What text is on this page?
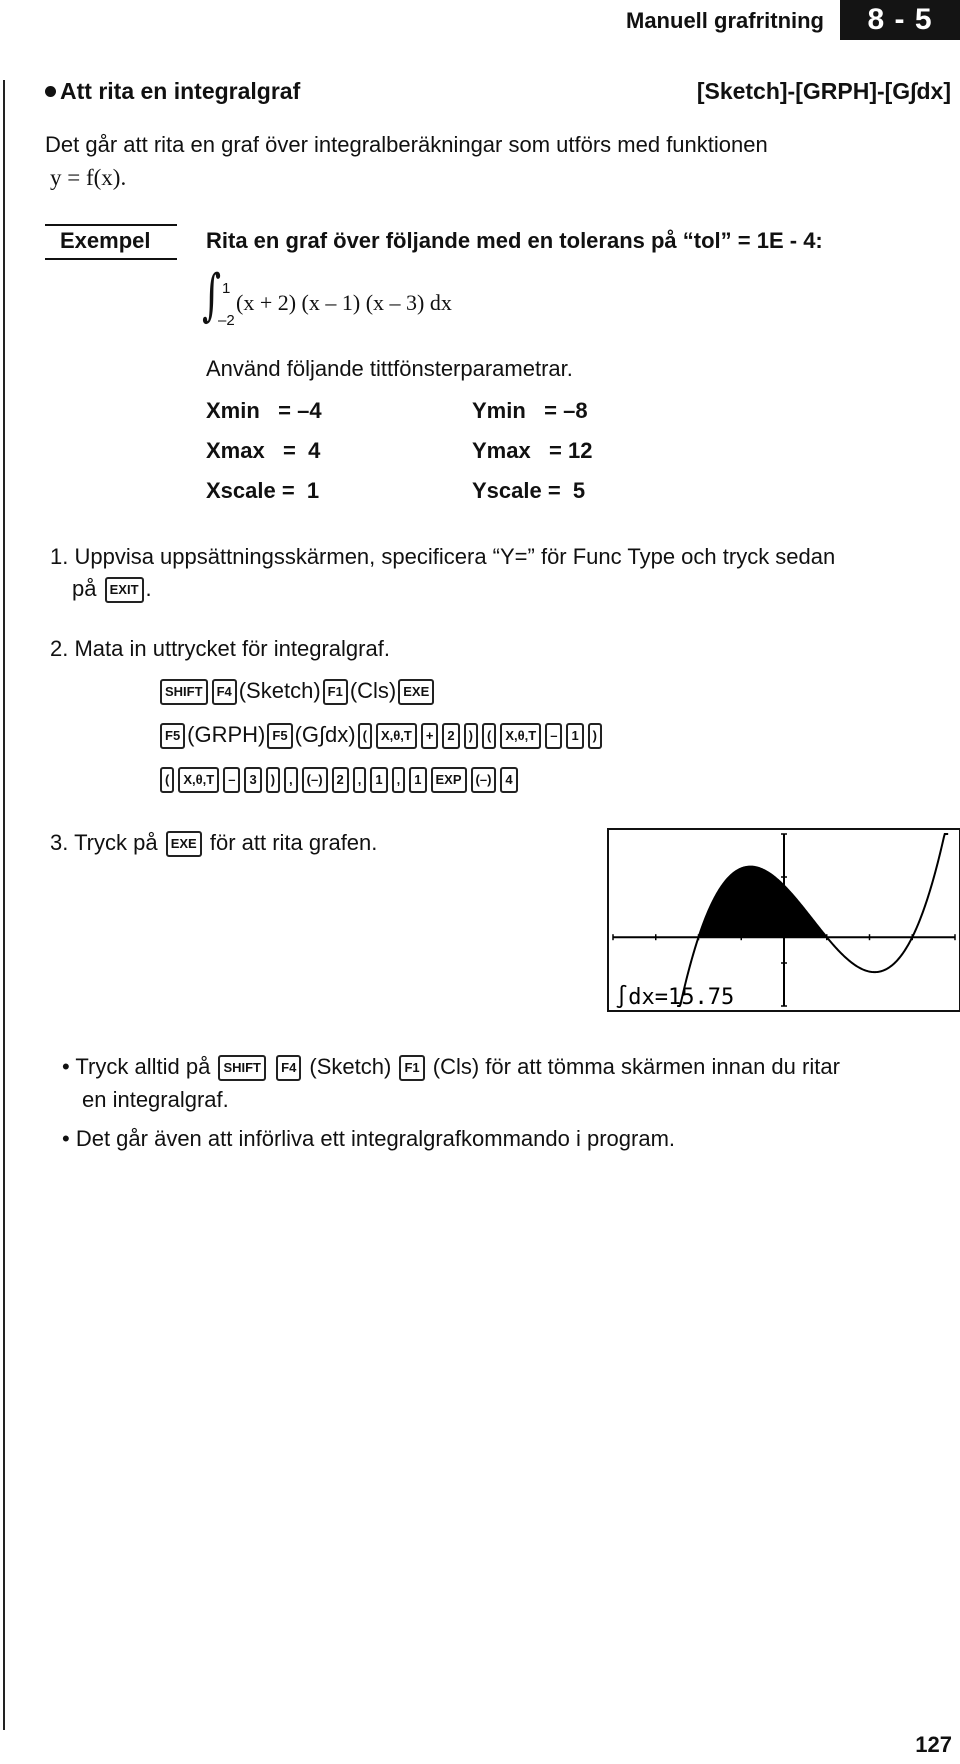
Manuell grafritning	8 - 5
Att rita en integralgraf	[Sketch]-[GRPH]-[G∫dx]
Det går att rita en graf över integralberäkningar som utförs med funktionen
y = f(x).
Exempel	Rita en graf över följande med en tolerans på “tol” = 1E - 4:
∫ 1
–2
(x + 2) (x – 1) (x – 3) dx
Använd följande tittfönsterparametrar.
Xmin   = –4	Ymin   = –8
Xmax   =  4	Ymax   = 12
Xscale =  1	Yscale =  5
1. Uppvisa uppsättningsskärmen, specificera “Y=” för Func Type och tryck sedan
på EXIT .
2. Mata in uttrycket för integralgraf.
SHIFT F4 (Sketch) F1 (Cls) EXE
F5 (GRPH) F5 (G∫dx) ( X,θ,T + 2 ) ( X,θ,T – 1 )
( X,θ,T – 3 ) , (–) 2 , 1 , 1 EXP (–) 4
3. Tryck på EXE för att rita grafen.
∫dx=15.75
• Tryck alltid på SHIFT F4 (Sketch) F1 (Cls) för att tömma skärmen innan du ritar
en integralgraf.
• Det går även att införliva ett integralgrafkommando i program.
127
